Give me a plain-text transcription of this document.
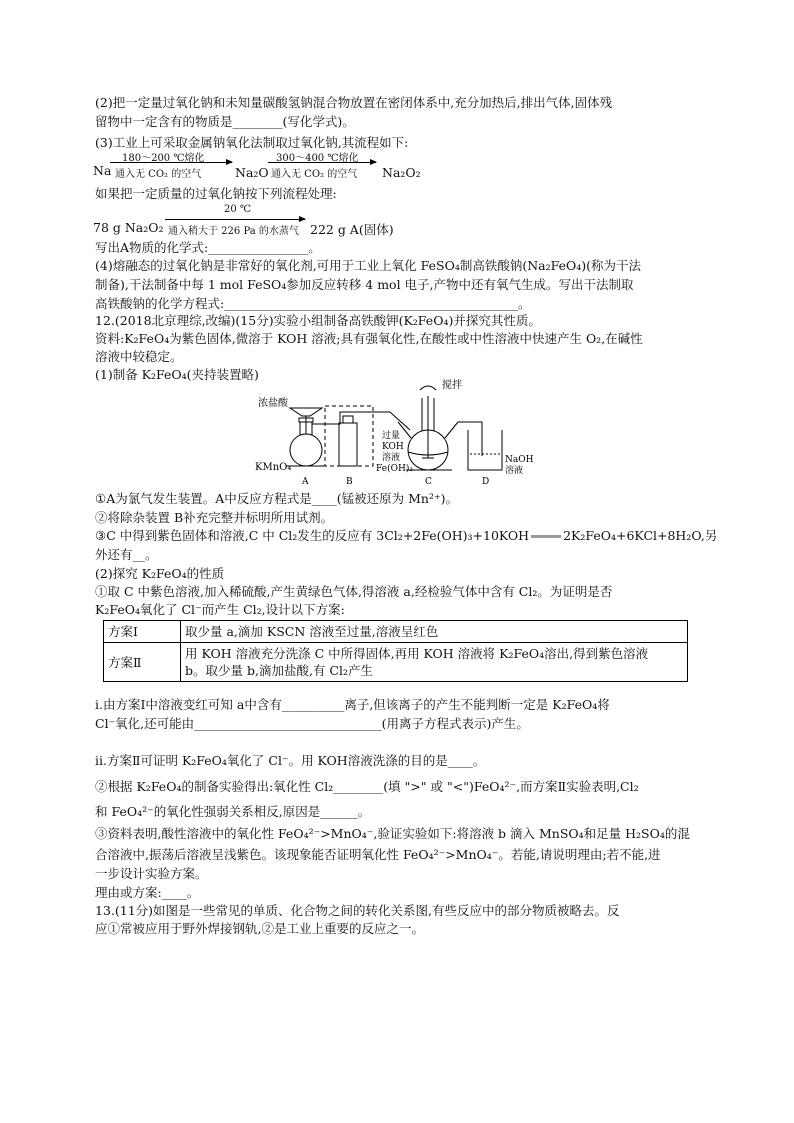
(2)把一定量过氧化钠和未知量碳酸氢钠混合物放置在密闭体系中,充分加热后,排出气体,固体残
留物中一定含有的物质是________(写化学式)。
(3)工业上可采取金属钠氧化法制取过氧化钠,其流程如下:
Na
180～200 ℃熔化
通入无 CO₂ 的空气	Na₂O
300～400 ℃熔化
通入无 CO₂ 的空气 Na₂O₂
如果把一定质量的过氧化钠按下列流程处理:
20 ℃
78 g Na₂O₂ 通入稍大于 226 Pa 的水蒸气 222 g A(固体)
写出A物质的化学式:________________。
(4)熔融态的过氧化钠是非常好的氧化剂,可用于工业上氧化 FeSO₄制高铁酸钠(Na₂FeO₄)(称为干法
制备),干法制备中每 1 mol FeSO₄参加反应转移 4 mol 电子,产物中还有氧气生成。写出干法制取
高铁酸钠的化学方程式:_______________________________________________。
12.(2018北京理综,改编)(15分)实验小组制备高铁酸钾(K₂FeO₄)并探究其性质。
资料:K₂FeO₄为紫色固体,微溶于 KOH 溶液;具有强氧化性,在酸性或中性溶液中快速产生 O₂,在碱性
溶液中较稳定。
(1)制备 K₂FeO₄(夹持装置略)
浓盐酸
KMnO₄
搅拌
过量
KOH
溶液
Fe(OH)₃
NaOH
溶液
A	B	C	D
①A为氯气发生装置。A中反应方程式是____(锰被还原为 Mn²⁺)。
②将除杂装置 B补充完整并标明所用试剂。
③C 中得到紫色固体和溶液,C 中 Cl₂发生的反应有 3Cl₂+2Fe(OH)₃+10KOH	2K₂FeO₄+6KCl+8H₂O,另
外还有__。
(2)探究 K₂FeO₄的性质
①取 C 中紫色溶液,加入稀硫酸,产生黄绿色气体,得溶液 a,经检验气体中含有 Cl₂。为证明是否
K₂FeO₄氧化了 Cl⁻而产生 Cl₂,设计以下方案:
方案Ⅰ	取少量 a,滴加 KSCN 溶液至过量,溶液呈红色
方案Ⅱ	用 KOH 溶液充分洗涤 C 中所得固体,再用 KOH 溶液将 K₂FeO₄溶出,得到紫色溶液
b。取少量 b,滴加盐酸,有 Cl₂产生
ⅰ.由方案Ⅰ中溶液变红可知 a中含有__________离子,但该离子的产生不能判断一定是 K₂FeO₄将
Cl⁻氧化,还可能由______________________________(用离子方程式表示)产生。
ⅱ.方案Ⅱ可证明 K₂FeO₄氧化了 Cl⁻。用 KOH溶液洗涤的目的是____。
②根据 K₂FeO₄的制备实验得出:氧化性 Cl₂________(填 ">" 或 "<")FeO₄²⁻,而方案Ⅱ实验表明,Cl₂
和 FeO₄²⁻的氧化性强弱关系相反,原因是______。
③资料表明,酸性溶液中的氧化性 FeO₄²⁻>MnO₄⁻,验证实验如下:将溶液 b 滴入 MnSO₄和足量 H₂SO₄的混
合溶液中,振荡后溶液呈浅紫色。该现象能否证明氧化性 FeO₄²⁻>MnO₄⁻。若能,请说明理由;若不能,进
一步设计实验方案。
理由或方案:____。
13.(11分)如图是一些常见的单质、化合物之间的转化关系图,有些反应中的部分物质被略去。反
应①常被应用于野外焊接钢轨,②是工业上重要的反应之一。
